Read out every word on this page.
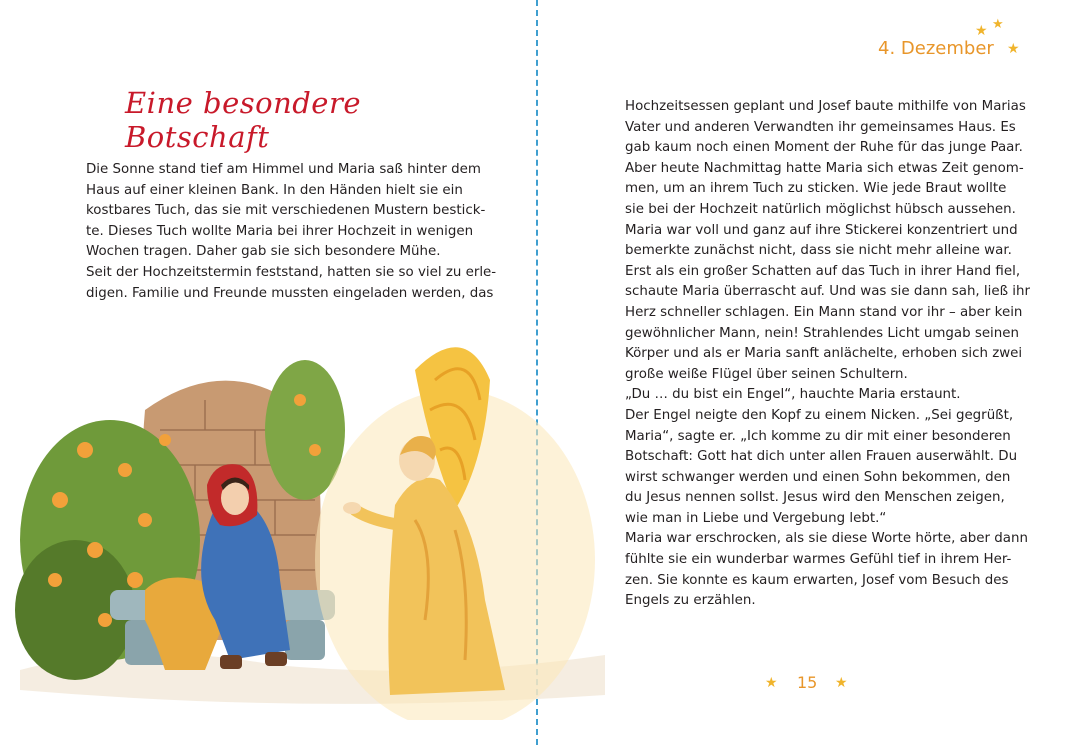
Eine besondere Botschaft

Die Sonne stand tief am Himmel und Maria saß hinter dem

Haus auf einer kleinen Bank. In den Händen hielt sie ein

kostbares Tuch, das sie mit verschiedenen Mustern bestick-

te. Dieses Tuch wollte Maria bei ihrer Hochzeit in wenigen

Wochen tragen. Daher gab sie sich besondere Mühe.

Seit der Hochzeitstermin feststand, hatten sie so viel zu erle-

digen. Familie und Freunde mussten eingeladen werden, das

★ ★
4. Dezember ★

Hochzeitsessen geplant und Josef baute mithilfe von Marias

Vater und anderen Verwandten ihr gemeinsames Haus. Es

gab kaum noch einen Moment der Ruhe für das junge Paar.

Aber heute Nachmittag hatte Maria sich etwas Zeit genom-

men, um an ihrem Tuch zu sticken. Wie jede Braut wollte

sie bei der Hochzeit natürlich möglichst hübsch aussehen.

Maria war voll und ganz auf ihre Stickerei konzentriert und

bemerkte zunächst nicht, dass sie nicht mehr alleine war.

Erst als ein großer Schatten auf das Tuch in ihrer Hand fiel,

schaute Maria überrascht auf. Und was sie dann sah, ließ ihr

Herz schneller schlagen. Ein Mann stand vor ihr – aber kein

gewöhnlicher Mann, nein! Strahlendes Licht umgab seinen

Körper und als er Maria sanft anlächelte, erhoben sich zwei

große weiße Flügel über seinen Schultern.

„Du … du bist ein Engel“, hauchte Maria erstaunt.

Der Engel neigte den Kopf zu einem Nicken. „Sei gegrüßt,

Maria“, sagte er. „Ich komme zu dir mit einer besonderen

Botschaft: Gott hat dich unter allen Frauen auserwählt. Du

wirst schwanger werden und einen Sohn bekommen, den

du Jesus nennen sollst. Jesus wird den Menschen zeigen,

wie man in Liebe und Vergebung lebt.“

Maria war erschrocken, als sie diese Worte hörte, aber dann

fühlte sie ein wunderbar warmes Gefühl tief in ihrem Her-

zen. Sie konnte es kaum erwarten, Josef vom Besuch des

Engels zu erzählen.

★ 15 ★
